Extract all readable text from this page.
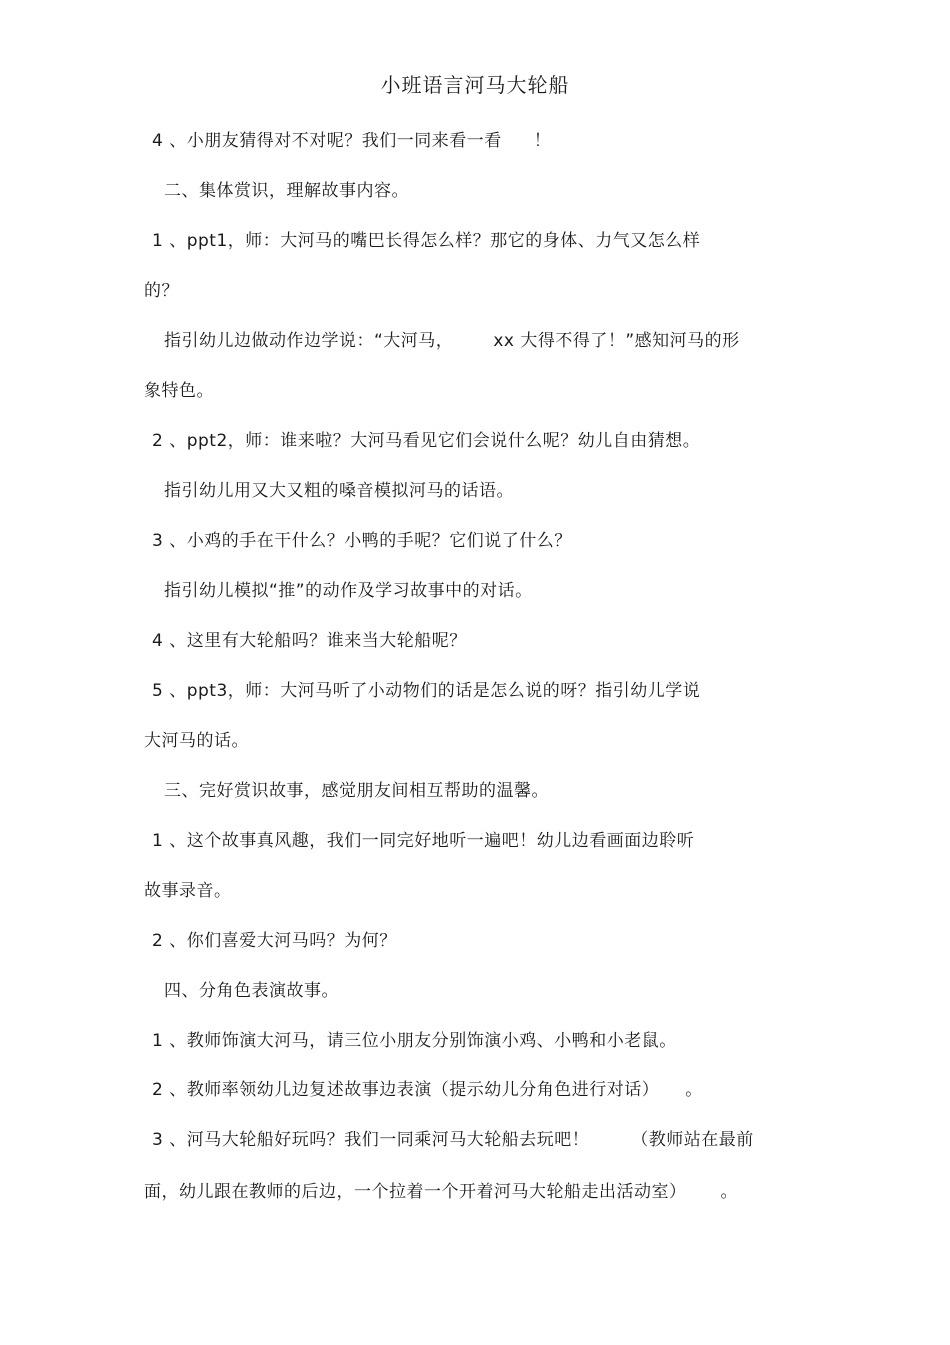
小班语言河马大轮船
4 、小朋友猜得对不对呢？我们一同来看一看 ！
二、集体赏识，理解故事内容。
1 、ppt1，师：大河马的嘴巴长得怎么样？那它的身体、力气又怎么样
的？
指引幼儿边做动作边学说：“大河马， xx 大得不得了！”感知河马的形
象特色。
2 、ppt2，师：谁来啦？大河马看见它们会说什么呢？幼儿自由猜想。
指引幼儿用又大又粗的嗓音模拟河马的话语。
3 、小鸡的手在干什么？小鸭的手呢？它们说了什么？
指引幼儿模拟“推”的动作及学习故事中的对话。
4 、这里有大轮船吗？谁来当大轮船呢？
5 、ppt3，师：大河马听了小动物们的话是怎么说的呀？指引幼儿学说
大河马的话。
三、完好赏识故事，感觉朋友间相互帮助的温馨。
1 、这个故事真风趣，我们一同完好地听一遍吧！幼儿边看画面边聆听
故事录音。
2 、你们喜爱大河马吗？为何？
四、分角色表演故事。
1 、教师饰演大河马，请三位小朋友分别饰演小鸡、小鸭和小老鼠。
2 、教师率领幼儿边复述故事边表演（提示幼儿分角色进行对话） 。
3 、河马大轮船好玩吗？我们一同乘河马大轮船去玩吧！ （教师站在最前
面，幼儿跟在教师的后边，一个拉着一个开着河马大轮船走出活动室） 。
